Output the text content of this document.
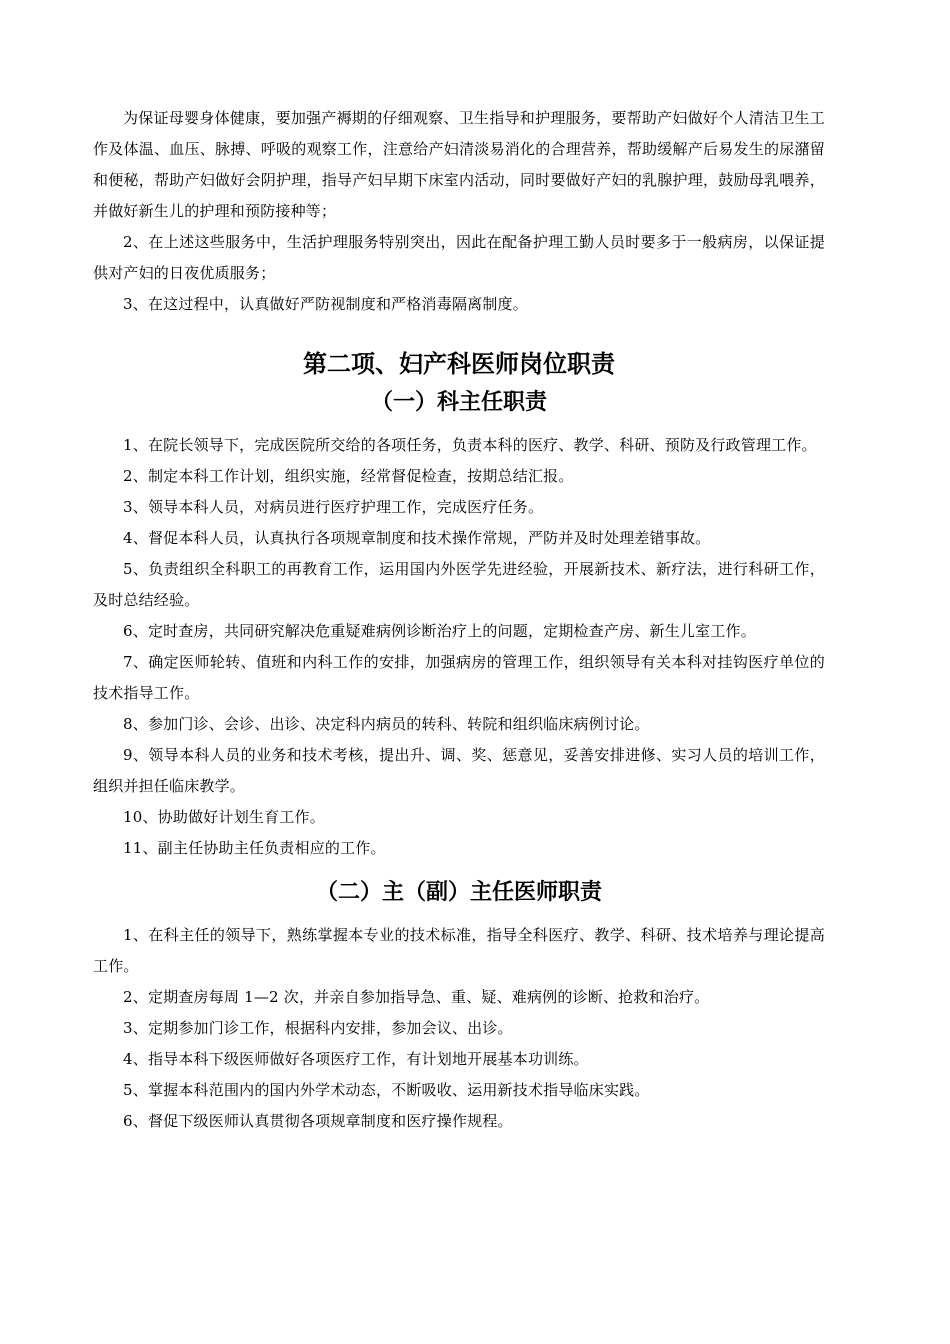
为保证母婴身体健康，要加强产褥期的仔细观察、卫生指导和护理服务，要帮助产妇做好个人清洁卫生工作及体温、血压、脉搏、呼吸的观察工作，注意给产妇清淡易消化的合理营养，帮助缓解产后易发生的尿潴留和便秘，帮助产妇做好会阴护理，指导产妇早期下床室内活动，同时要做好产妇的乳腺护理，鼓励母乳喂养，并做好新生儿的护理和预防接种等；

2、在上述这些服务中，生活护理服务特别突出，因此在配备护理工勤人员时要多于一般病房，以保证提供对产妇的日夜优质服务；

3、在这过程中，认真做好严防视制度和严格消毒隔离制度。

第二项、妇产科医师岗位职责
（一）科主任职责

1、在院长领导下，完成医院所交给的各项任务，负责本科的医疗、教学、科研、预防及行政管理工作。

2、制定本科工作计划，组织实施，经常督促检查，按期总结汇报。

3、领导本科人员，对病员进行医疗护理工作，完成医疗任务。

4、督促本科人员，认真执行各项规章制度和技术操作常规，严防并及时处理差错事故。

5、负责组织全科职工的再教育工作，运用国内外医学先进经验，开展新技术、新疗法，进行科研工作，及时总结经验。

6、定时查房，共同研究解决危重疑难病例诊断治疗上的问题，定期检查产房、新生儿室工作。

7、确定医师轮转、值班和内科工作的安排，加强病房的管理工作，组织领导有关本科对挂钩医疗单位的技术指导工作。

8、参加门诊、会诊、出诊、决定科内病员的转科、转院和组织临床病例讨论。

9、领导本科人员的业务和技术考核，提出升、调、奖、惩意见，妥善安排进修、实习人员的培训工作，组织并担任临床教学。

10、协助做好计划生育工作。

11、副主任协助主任负责相应的工作。

（二）主（副）主任医师职责

1、在科主任的领导下，熟练掌握本专业的技术标准，指导全科医疗、教学、科研、技术培养与理论提高工作。

2、定期查房每周 1—2 次，并亲自参加指导急、重、疑、难病例的诊断、抢救和治疗。

3、定期参加门诊工作，根据科内安排，参加会议、出诊。

4、指导本科下级医师做好各项医疗工作，有计划地开展基本功训练。

5、掌握本科范围内的国内外学术动态，不断吸收、运用新技术指导临床实践。

6、督促下级医师认真贯彻各项规章制度和医疗操作规程。
